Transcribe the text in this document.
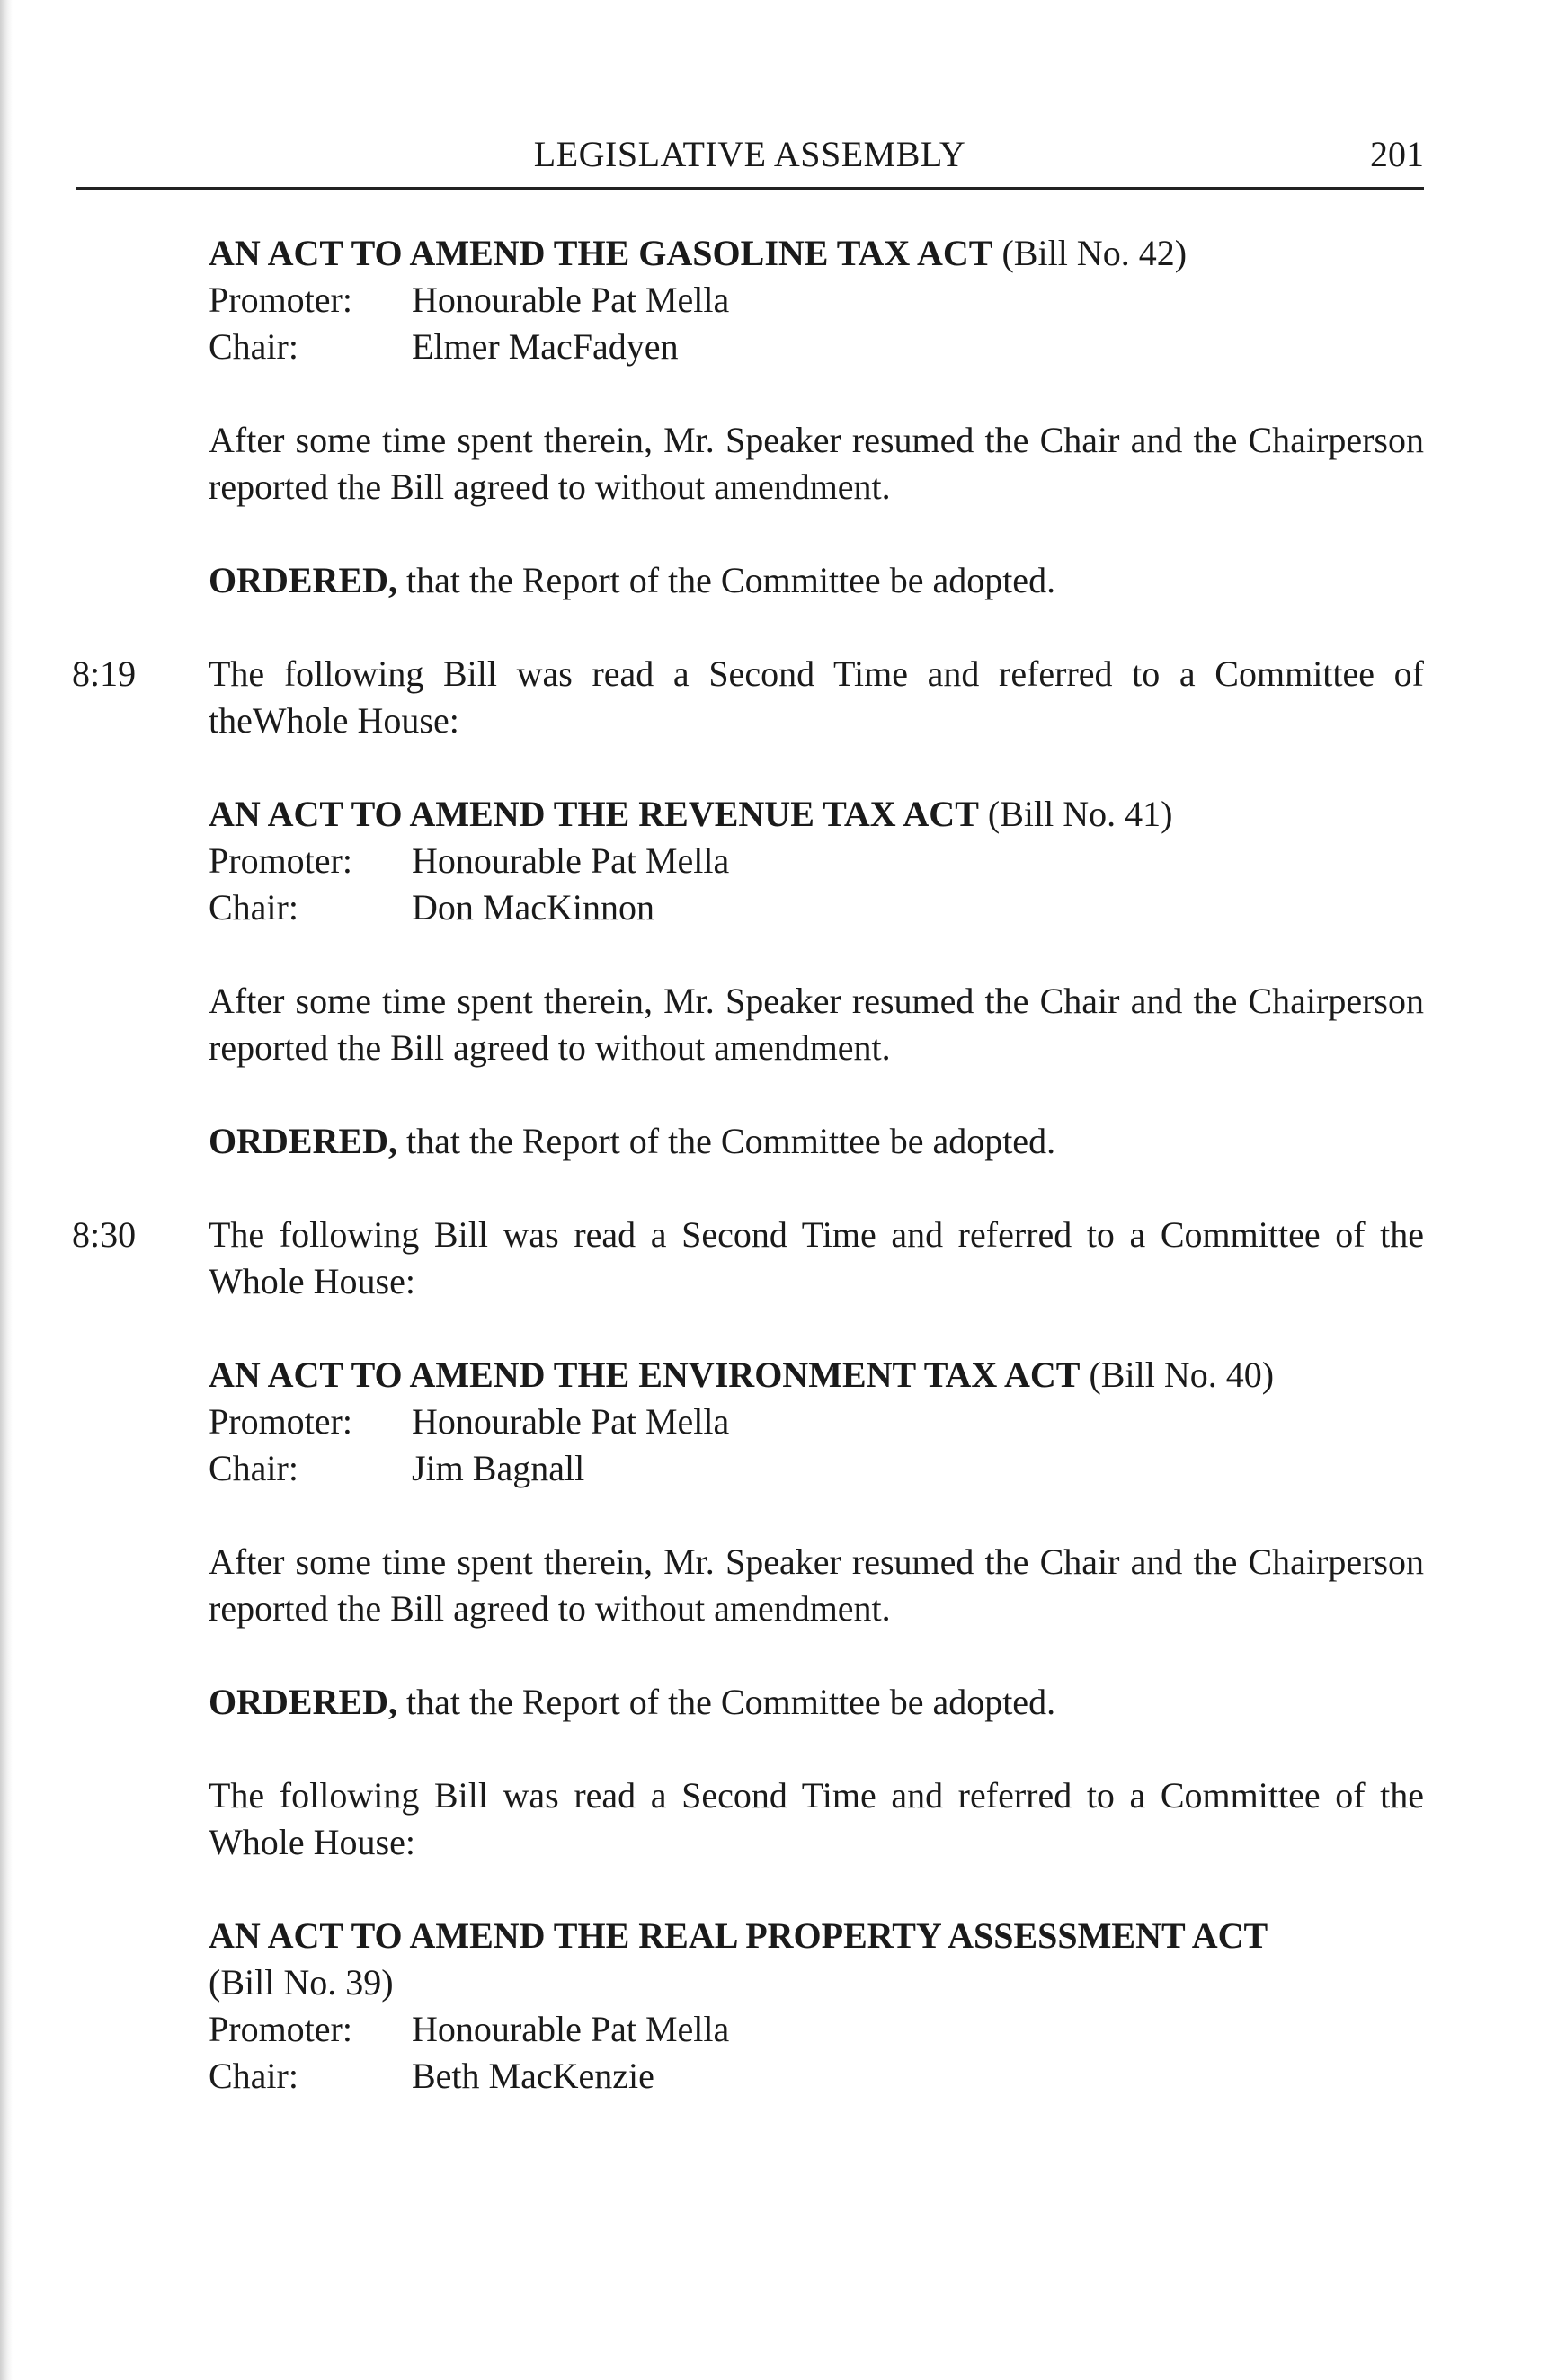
LEGISLATIVE ASSEMBLY	201

AN ACT TO AMEND THE GASOLINE TAX ACT (Bill No. 42)

Promoter:	Honourable Pat Mella
Chair:	Elmer MacFadyen

After some time spent therein, Mr. Speaker resumed the Chair and the Chairperson reported the Bill agreed to without amendment.

ORDERED, that the Report of the Committee be adopted.

8:19 The following Bill was read a Second Time and referred to a Committee of theWhole House:

AN ACT TO AMEND THE REVENUE TAX ACT (Bill No. 41)

Promoter:	Honourable Pat Mella
Chair:	Don MacKinnon

After some time spent therein, Mr. Speaker resumed the Chair and the Chairperson reported the Bill agreed to without amendment.

ORDERED, that the Report of the Committee be adopted.

8:30 The following Bill was read a Second Time and referred to a Committee of the Whole House:

AN ACT TO AMEND THE ENVIRONMENT TAX ACT (Bill No. 40)

Promoter:	Honourable Pat Mella
Chair:	Jim Bagnall

After some time spent therein, Mr. Speaker resumed the Chair and the Chairperson reported the Bill agreed to without amendment.

ORDERED, that the Report of the Committee be adopted.

The following Bill was read a Second Time and referred to a Committee of the Whole House:

AN ACT TO AMEND THE REAL PROPERTY ASSESSMENT ACT
(Bill No. 39)

Promoter:	Honourable Pat Mella
Chair:	Beth MacKenzie
